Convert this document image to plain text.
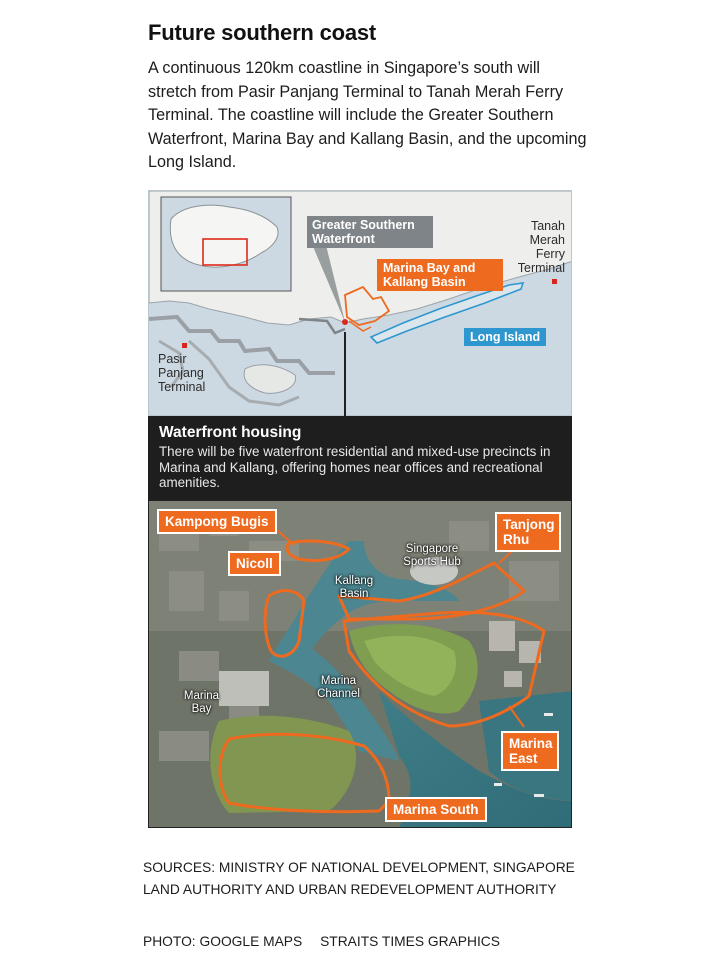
Future southern coast

A continuous 120km coastline in Singapore’s south will stretch from Pasir Panjang Terminal to Tanah Merah Ferry Terminal. The coastline will include the Greater Southern Waterfront, Marina Bay and Kallang Basin, and the upcoming Long Island.

Greater Southern Waterfront
Marina Bay and Kallang Basin
Tanah Merah Ferry Terminal
Long Island
Pasir Panjang Terminal
Waterfront housing

There will be five waterfront residential and mixed-use precincts in Marina and Kallang, offering homes near offices and recreational amenities.

Kampong Bugis
Nicoll
Tanjong Rhu
Marina East
Marina South
Singapore Sports Hub
Kallang Basin
Marina Channel
Marina Bay
SOURCES: MINISTRY OF NATIONAL DEVELOPMENT, SINGAPORE LAND AUTHORITY AND URBAN REDEVELOPMENT AUTHORITY
PHOTO: GOOGLE MAPS STRAITS TIMES GRAPHICS
